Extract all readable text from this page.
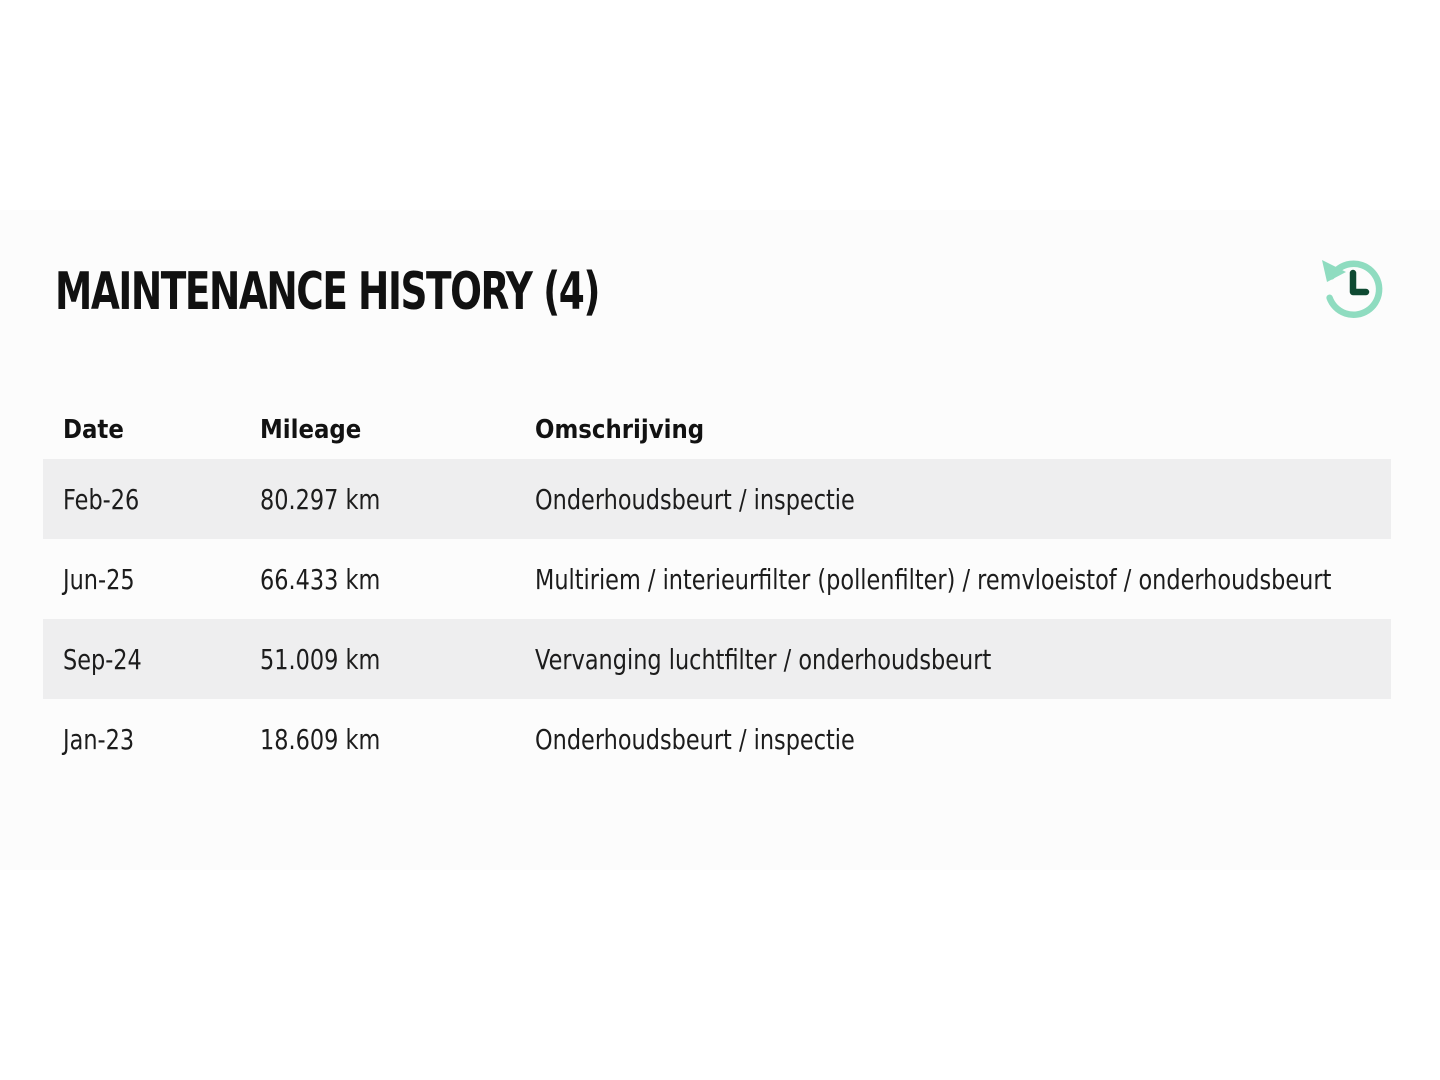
MAINTENANCE HISTORY (4)
Date	Mileage	Omschrijving
Feb-26	80.297 km	Onderhoudsbeurt / inspectie
Jun-25	66.433 km	Multiriem / interieurfilter (pollenfilter) / remvloeistof / onderhoudsbeurt
Sep-24	51.009 km	Vervanging luchtfilter / onderhoudsbeurt
Jan-23	18.609 km	Onderhoudsbeurt / inspectie
